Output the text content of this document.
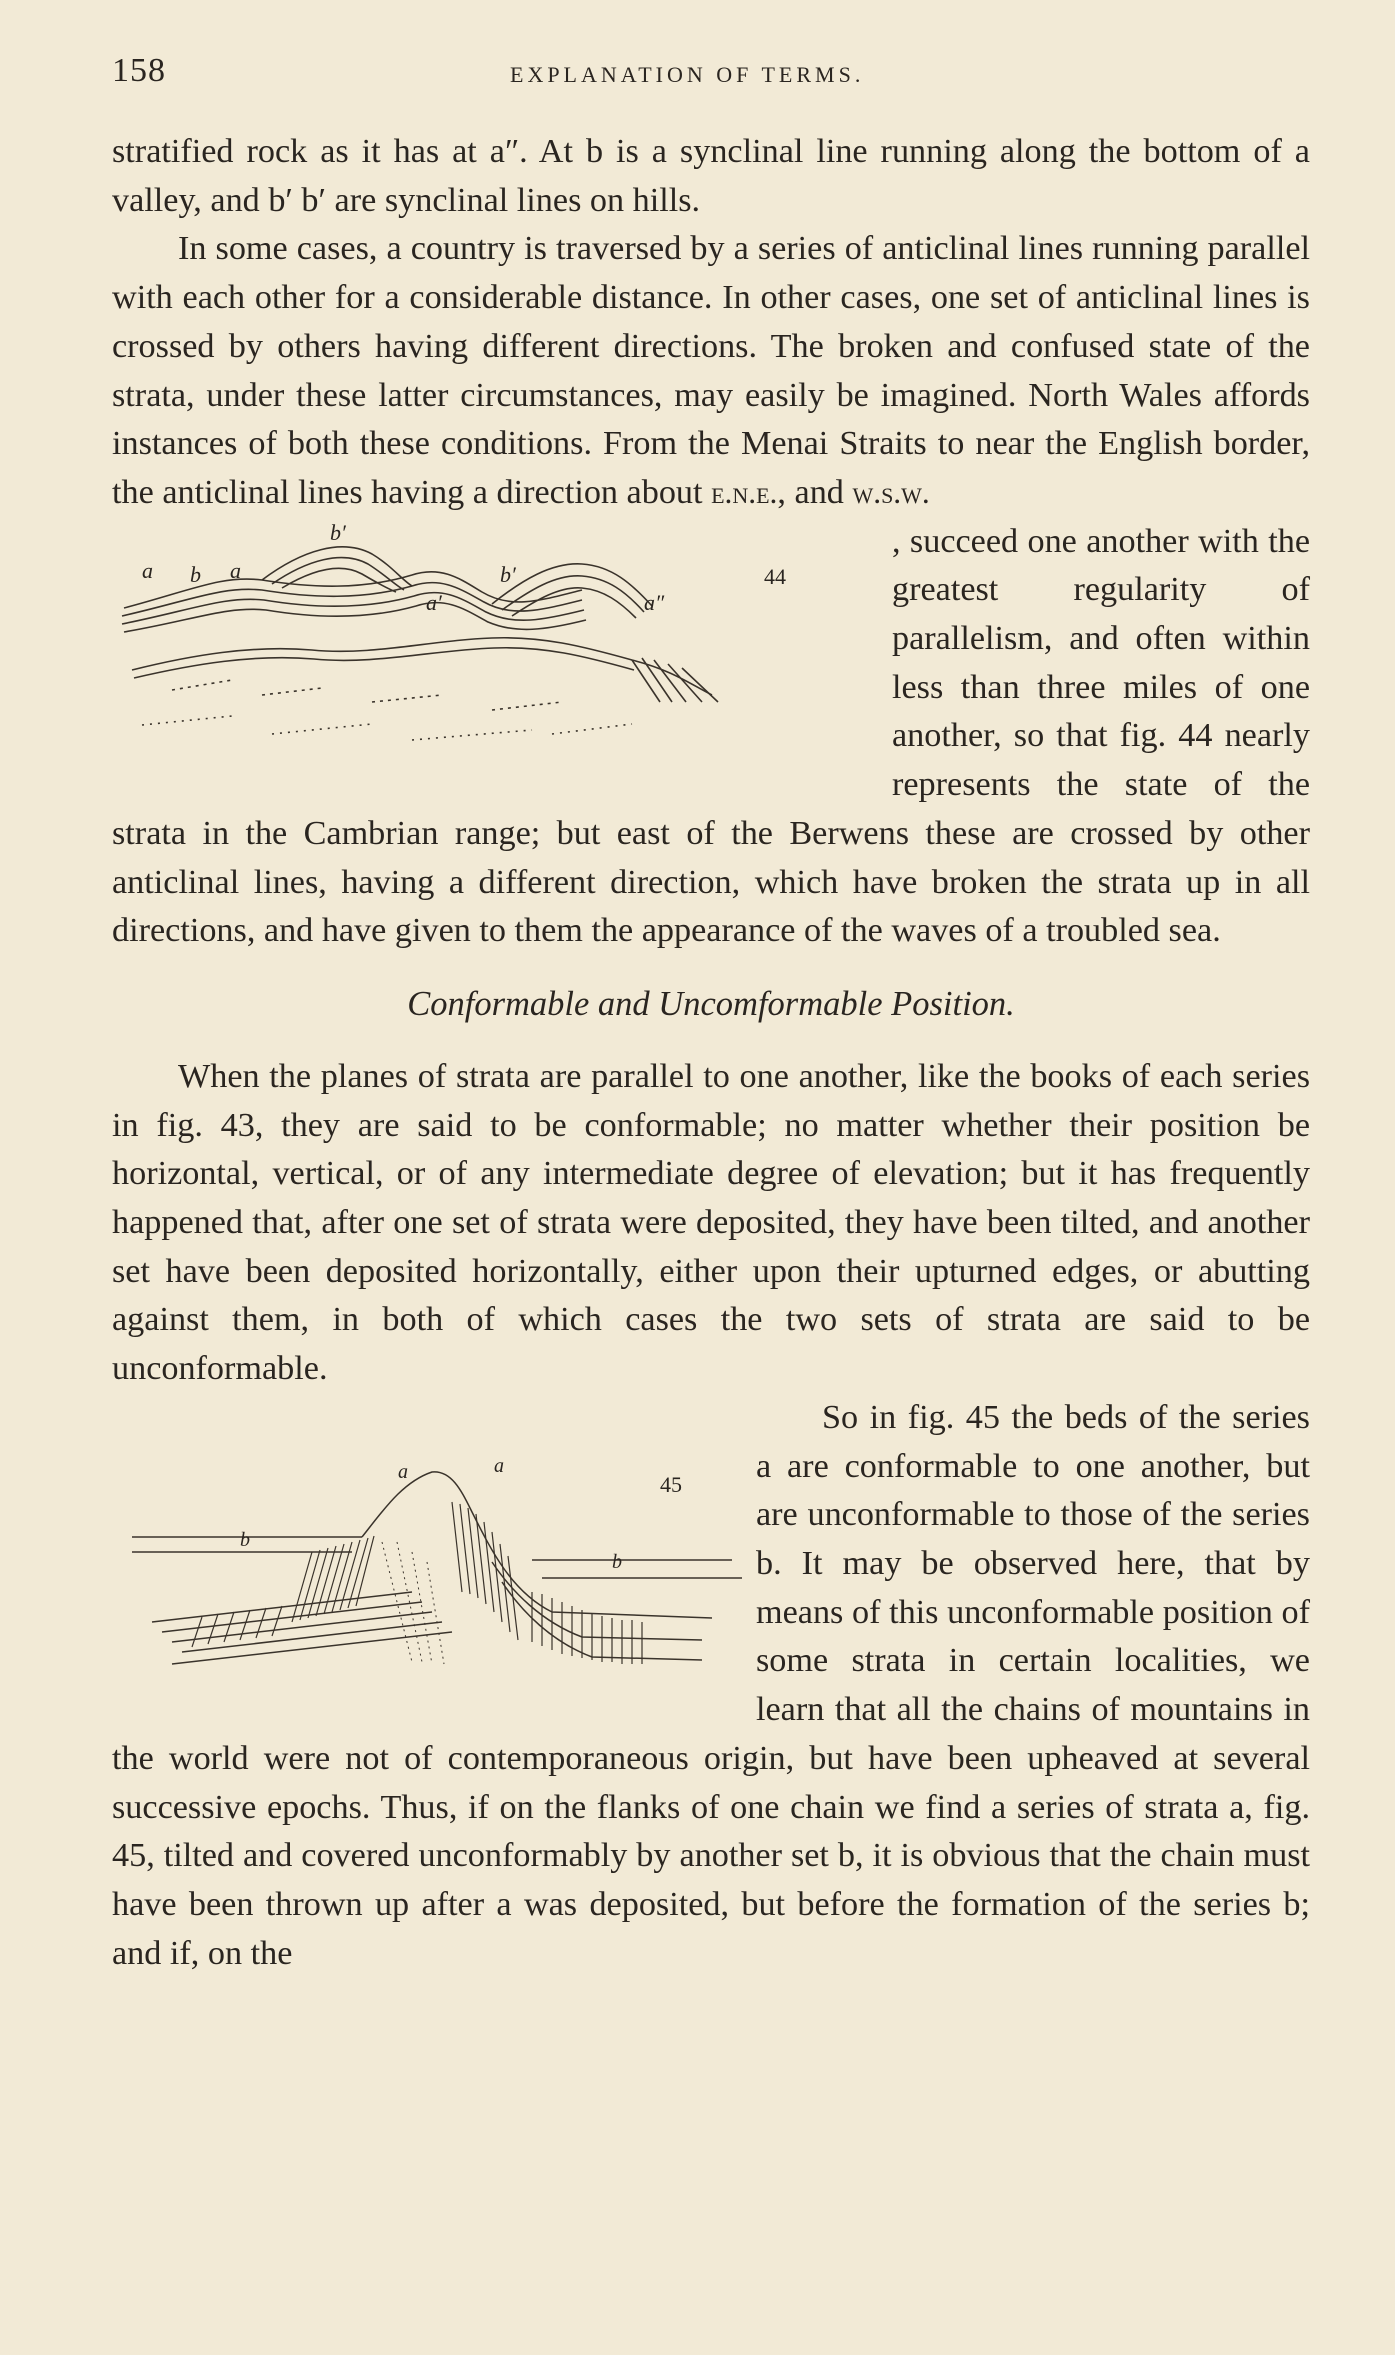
158	EXPLANATION OF TERMS.

stratified rock as it has at a″. At b is a synclinal line running along the bottom of a valley, and b′ b′ are synclinal lines on hills.

In some cases, a country is traversed by a series of anticlinal lines running parallel with each other for a considerable distance. In other cases, one set of anticlinal lines is crossed by others having different directions. The broken and confused state of the strata, under these latter circumstances, may easily be imagined. North Wales affords instances of both these conditions. From the Menai Straits to near the English border, the anticlinal lines having a direction about e.n.e., and w.s.w.

a b a
b′
b′
a′	a″
44
, succeed one another with the greatest regularity of parallelism, and often within less than three miles of one another, so that fig. 44 nearly represents the state of the strata in the Cambrian range; but east of the Berwens these are crossed by other anticlinal lines, having a different direction, which have broken the strata up in all directions, and have given to them the appearance of the waves of a troubled sea.

Conformable and Uncomformable Position.

When the planes of strata are parallel to one another, like the books of each series in fig. 43, they are said to be conformable; no matter whether their position be horizontal, vertical, or of any intermediate degree of elevation; but it has frequently happened that, after one set of strata were deposited, they have been tilted, and another set have been deposited horizontally, either upon their upturned edges, or abutting against them, in both of which cases the two sets of strata are said to be unconformable.

a	a
b
b
45
So in fig. 45 the beds of the series a are conformable to one another, but are unconformable to those of the series b. It may be observed here, that by means of this unconformable position of some strata in certain localities, we learn that all the chains of mountains in the world were not of contemporaneous origin, but have been upheaved at several successive epochs. Thus, if on the flanks of one chain we find a series of strata a, fig. 45, tilted and covered unconformably by another set b, it is obvious that the chain must have been thrown up after a was deposited, but before the formation of the series b; and if, on the
